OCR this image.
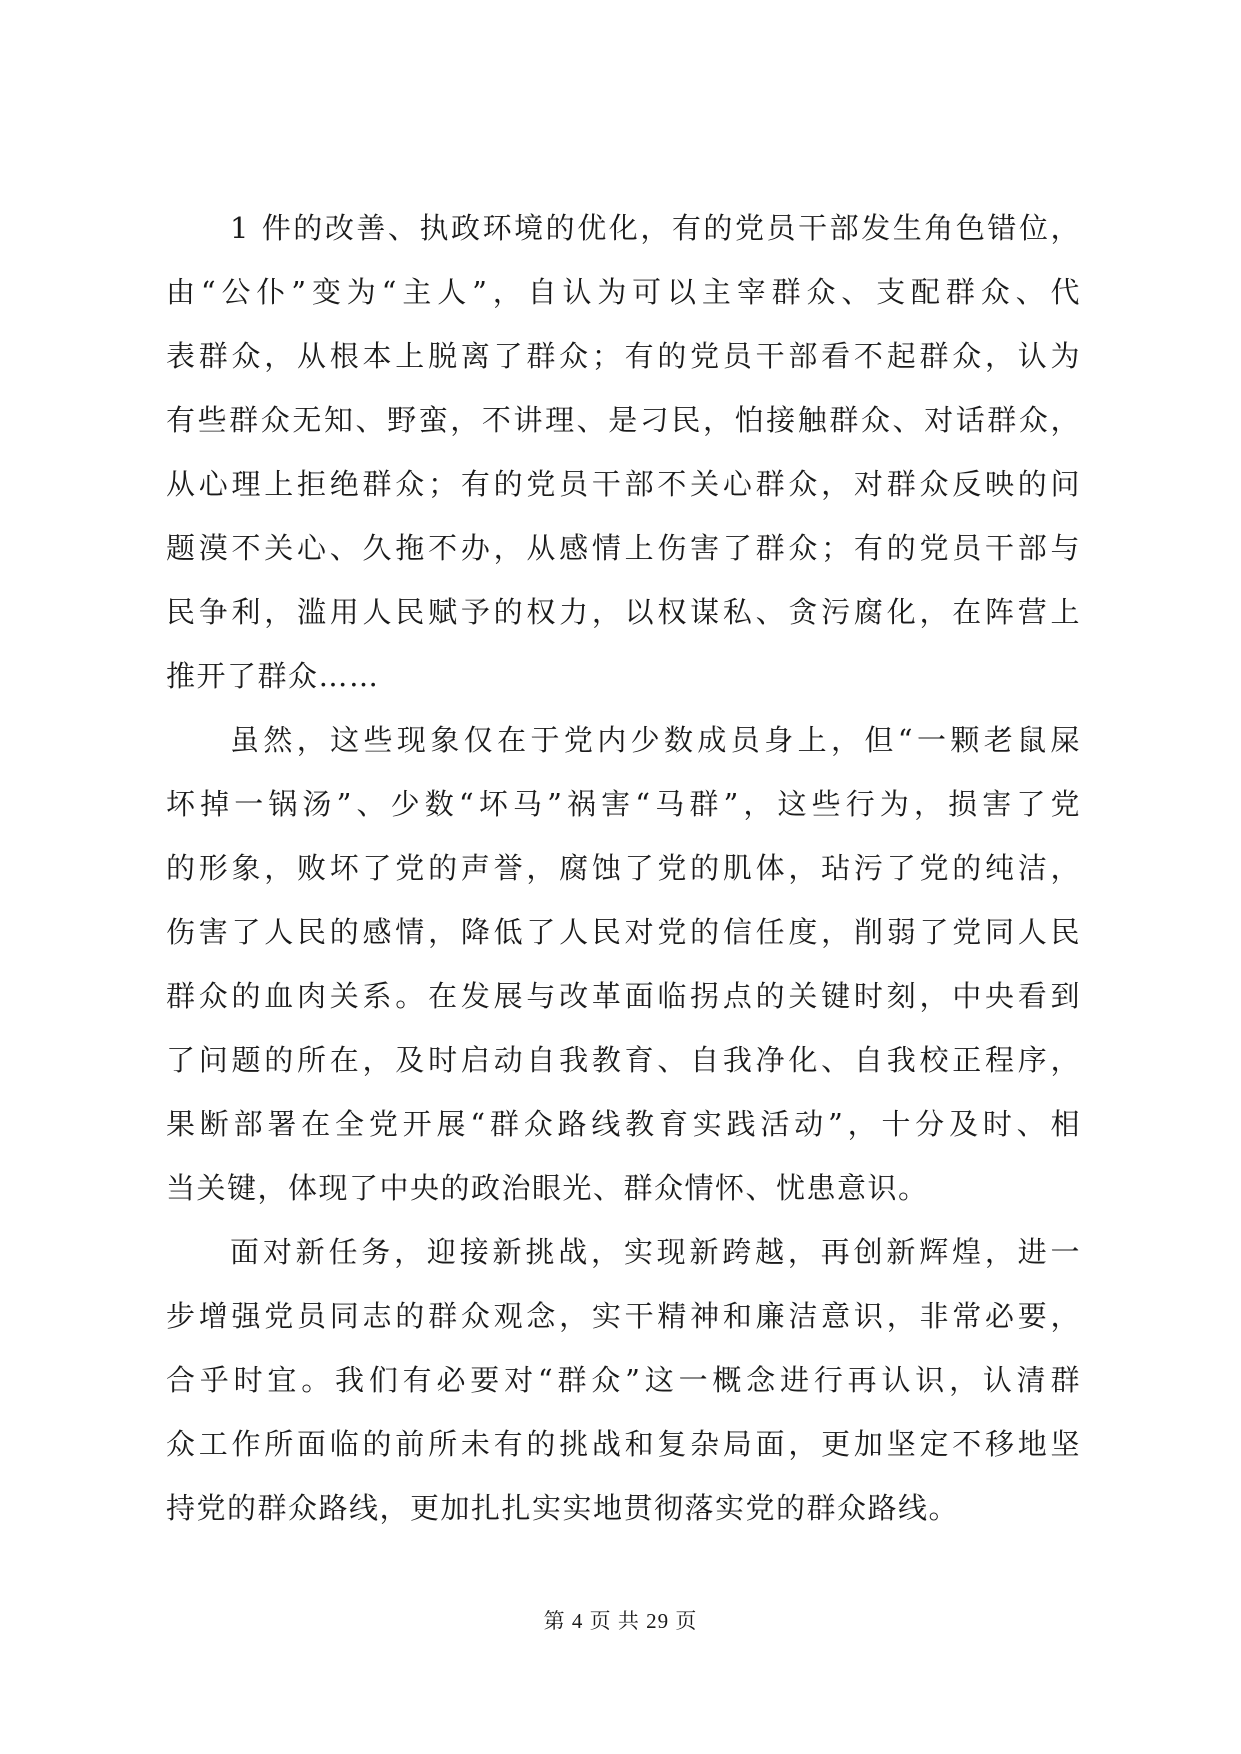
1 件的改善、执政环境的优化，有的党员干部发生角色错位，
由“公仆”变为“主人”，自认为可以主宰群众、支配群众、代
表群众，从根本上脱离了群众；有的党员干部看不起群众，认为
有些群众无知、野蛮，不讲理、是刁民，怕接触群众、对话群众，
从心理上拒绝群众；有的党员干部不关心群众，对群众反映的问
题漠不关心、久拖不办，从感情上伤害了群众；有的党员干部与
民争利，滥用人民赋予的权力，以权谋私、贪污腐化，在阵营上
推开了群众……
虽然，这些现象仅在于党内少数成员身上，但“一颗老鼠屎
坏掉一锅汤”、少数“坏马”祸害“马群”，这些行为，损害了党
的形象，败坏了党的声誉，腐蚀了党的肌体，玷污了党的纯洁，
伤害了人民的感情，降低了人民对党的信任度，削弱了党同人民
群众的血肉关系。在发展与改革面临拐点的关键时刻，中央看到
了问题的所在，及时启动自我教育、自我净化、自我校正程序，
果断部署在全党开展“群众路线教育实践活动”，十分及时、相
当关键，体现了中央的政治眼光、群众情怀、忧患意识。
面对新任务，迎接新挑战，实现新跨越，再创新辉煌，进一
步增强党员同志的群众观念，实干精神和廉洁意识，非常必要，
合乎时宜。我们有必要对“群众”这一概念进行再认识，认清群
众工作所面临的前所未有的挑战和复杂局面，更加坚定不移地坚
持党的群众路线，更加扎扎实实地贯彻落实党的群众路线。
第 4 页 共 29 页
